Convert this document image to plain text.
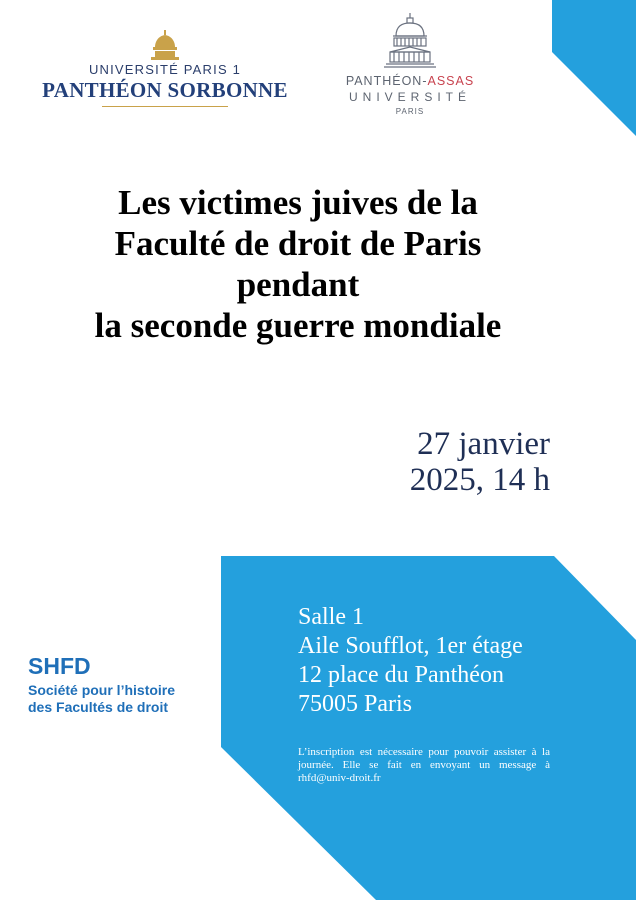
UNIVERSITÉ PARIS 1
PANTHÉON SORBONNE	PANTHÉON-ASSAS
UNIVERSITÉ
PARIS
Les victimes juives de la
Faculté de droit de Paris
pendant
la seconde guerre mondiale
27 janvier
2025, 14 h
Salle 1
Aile Soufflot, 1er étage
12 place du Panthéon
75005 Paris

L’inscription est nécessaire pour pouvoir assister à la journée. Elle se fait en envoyant un message à rhfd@univ-droit.fr

SHFD
Société pour l’histoire
des Facultés de droit
